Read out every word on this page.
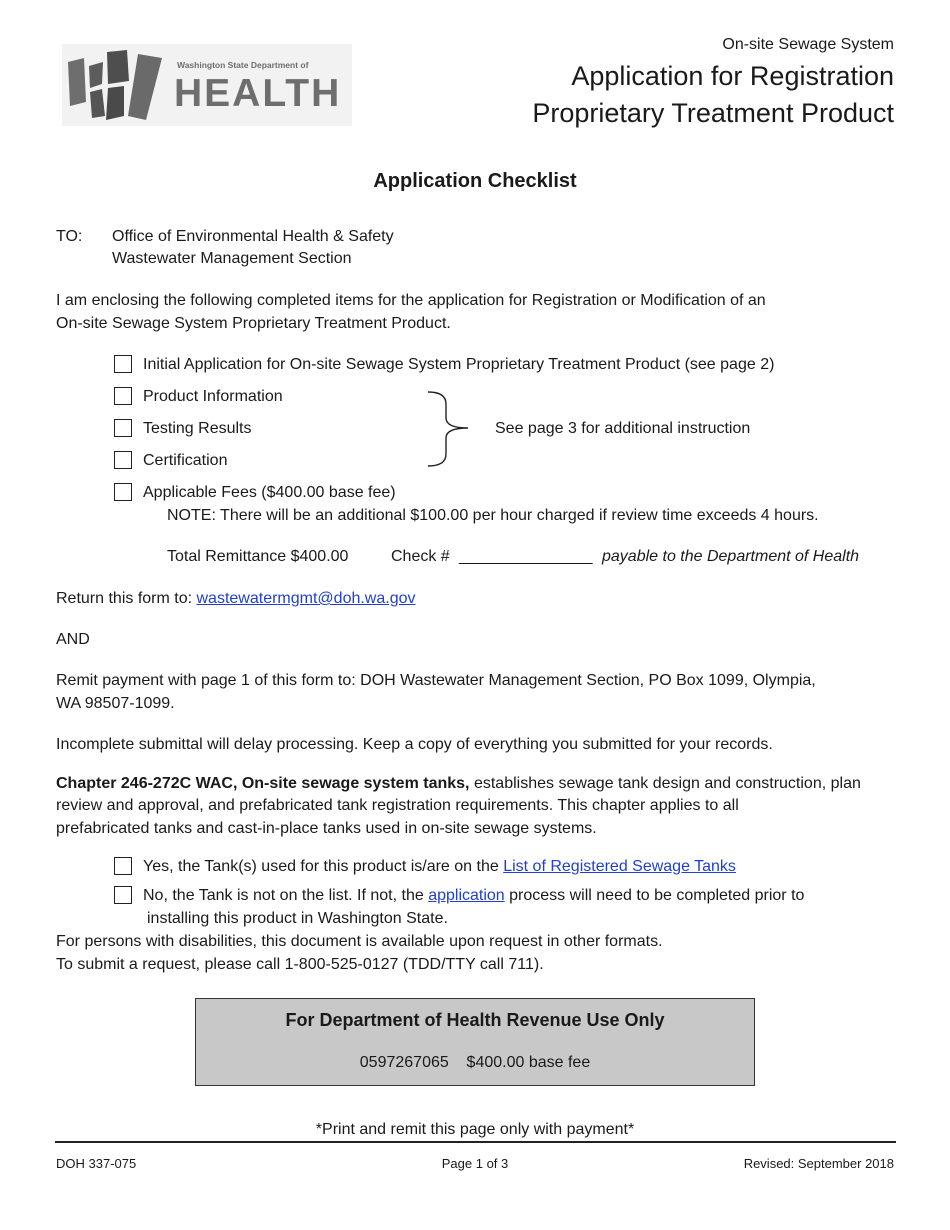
Washington State Department of
HEALTH
On-site Sewage System
Application for Registration
Proprietary Treatment Product
Application Checklist
TO: Office of Environmental Health & Safety
Wastewater Management Section
I am enclosing the following completed items for the application for Registration or Modification of an
On-site Sewage System Proprietary Treatment Product.
Initial Application for On-site Sewage System Proprietary Treatment Product (see page 2)
Product Information
Testing Results
Certification
Applicable Fees ($400.00 base fee)
See page 3 for additional instruction
NOTE: There will be an additional $100.00 per hour charged if review time exceeds 4 hours.
Total Remittance $400.00	Check # _______________ payable to the Department of Health
Return this form to: wastewatermgmt@doh.wa.gov
AND
Remit payment with page 1 of this form to: DOH Wastewater Management Section, PO Box 1099, Olympia,
WA 98507-1099.
Incomplete submittal will delay processing. Keep a copy of everything you submitted for your records.
Chapter 246-272C WAC, On-site sewage system tanks, establishes sewage tank design and construction, plan
review and approval, and prefabricated tank registration requirements. This chapter applies to all
prefabricated tanks and cast-in-place tanks used in on-site sewage systems.
Yes, the Tank(s) used for this product is/are on the List of Registered Sewage Tanks
No, the Tank is not on the list. If not, the application process will need to be completed prior to
installing this product in Washington State.
For persons with disabilities, this document is available upon request in other formats.
To submit a request, please call 1-800-525-0127 (TDD/TTY call 711).
For Department of Health Revenue Use Only
0597267065 $400.00 base fee
*Print and remit this page only with payment*
DOH 337-075	Page 1 of 3	Revised: September 2018
